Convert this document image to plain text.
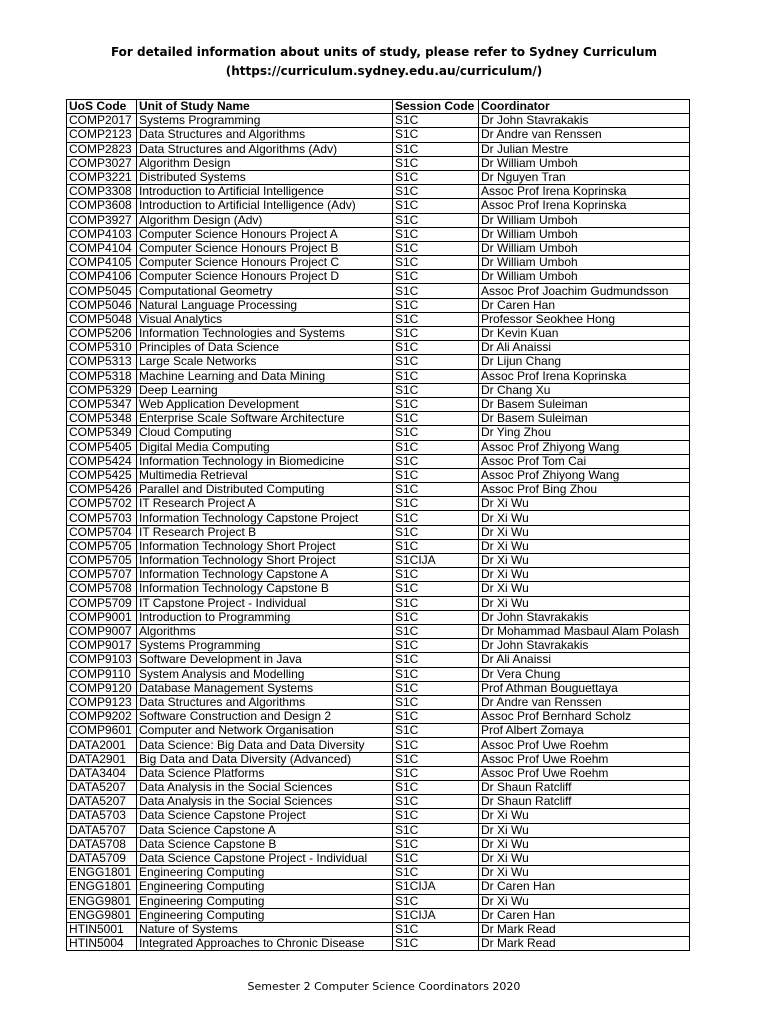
For detailed information about units of study, please refer to Sydney Curriculum
(https://curriculum.sydney.edu.au/curriculum/)
UoS Code	Unit of Study Name	Session Code	Coordinator
COMP2017	Systems Programming	S1C	Dr John Stavrakakis
COMP2123	Data Structures and Algorithms	S1C	Dr Andre van Renssen
COMP2823	Data Structures and Algorithms (Adv)	S1C	Dr Julian Mestre
COMP3027	Algorithm Design	S1C	Dr William Umboh
COMP3221	Distributed Systems	S1C	Dr Nguyen Tran
COMP3308	Introduction to Artificial Intelligence	S1C	Assoc Prof Irena Koprinska
COMP3608	Introduction to Artificial Intelligence (Adv)	S1C	Assoc Prof Irena Koprinska
COMP3927	Algorithm Design (Adv)	S1C	Dr William Umboh
COMP4103	Computer Science Honours Project A	S1C	Dr William Umboh
COMP4104	Computer Science Honours Project B	S1C	Dr William Umboh
COMP4105	Computer Science Honours Project C	S1C	Dr William Umboh
COMP4106	Computer Science Honours Project D	S1C	Dr William Umboh
COMP5045	Computational Geometry	S1C	Assoc Prof Joachim Gudmundsson
COMP5046	Natural Language Processing	S1C	Dr Caren Han
COMP5048	Visual Analytics	S1C	Professor Seokhee Hong
COMP5206	Information Technologies and Systems	S1C	Dr Kevin Kuan
COMP5310	Principles of Data Science	S1C	Dr Ali Anaissi
COMP5313	Large Scale Networks	S1C	Dr Lijun Chang
COMP5318	Machine Learning and Data Mining	S1C	Assoc Prof Irena Koprinska
COMP5329	Deep Learning	S1C	Dr Chang Xu
COMP5347	Web Application Development	S1C	Dr Basem Suleiman
COMP5348	Enterprise Scale Software Architecture	S1C	Dr Basem Suleiman
COMP5349	Cloud Computing	S1C	Dr Ying Zhou
COMP5405	Digital Media Computing	S1C	Assoc Prof Zhiyong Wang
COMP5424	Information Technology in Biomedicine	S1C	Assoc Prof Tom Cai
COMP5425	Multimedia Retrieval	S1C	Assoc Prof Zhiyong Wang
COMP5426	Parallel and Distributed Computing	S1C	Assoc Prof Bing Zhou
COMP5702	IT Research Project A	S1C	Dr Xi Wu
COMP5703	Information Technology Capstone Project	S1C	Dr Xi Wu
COMP5704	IT Research Project B	S1C	Dr Xi Wu
COMP5705	Information Technology Short Project	S1C	Dr Xi Wu
COMP5705	Information Technology Short Project	S1CIJA	Dr Xi Wu
COMP5707	Information Technology Capstone A	S1C	Dr Xi Wu
COMP5708	Information Technology Capstone B	S1C	Dr Xi Wu
COMP5709	IT Capstone Project - Individual	S1C	Dr Xi Wu
COMP9001	Introduction to Programming	S1C	Dr John Stavrakakis
COMP9007	Algorithms	S1C	Dr Mohammad Masbaul Alam Polash
COMP9017	Systems Programming	S1C	Dr John Stavrakakis
COMP9103	Software Development in Java	S1C	Dr Ali Anaissi
COMP9110	System Analysis and Modelling	S1C	Dr Vera Chung
COMP9120	Database Management Systems	S1C	Prof Athman Bouguettaya
COMP9123	Data Structures and Algorithms	S1C	Dr Andre van Renssen
COMP9202	Software Construction and Design 2	S1C	Assoc Prof Bernhard Scholz
COMP9601	Computer and Network Organisation	S1C	Prof Albert Zomaya
DATA2001	Data Science: Big Data and Data Diversity	S1C	Assoc Prof Uwe Roehm
DATA2901	Big Data and Data Diversity (Advanced)	S1C	Assoc Prof Uwe Roehm
DATA3404	Data Science Platforms	S1C	Assoc Prof Uwe Roehm
DATA5207	Data Analysis in the Social Sciences	S1C	Dr Shaun Ratcliff
DATA5207	Data Analysis in the Social Sciences	S1C	Dr Shaun Ratcliff
DATA5703	Data Science Capstone Project	S1C	Dr Xi Wu
DATA5707	Data Science Capstone A	S1C	Dr Xi Wu
DATA5708	Data Science Capstone B	S1C	Dr Xi Wu
DATA5709	Data Science Capstone Project - Individual	S1C	Dr Xi Wu
ENGG1801	Engineering Computing	S1C	Dr Xi Wu
ENGG1801	Engineering Computing	S1CIJA	Dr Caren Han
ENGG9801	Engineering Computing	S1C	Dr Xi Wu
ENGG9801	Engineering Computing	S1CIJA	Dr Caren Han
HTIN5001	Nature of Systems	S1C	Dr Mark Read
HTIN5004	Integrated Approaches to Chronic Disease	S1C	Dr Mark Read
Semester 2 Computer Science Coordinators 2020
